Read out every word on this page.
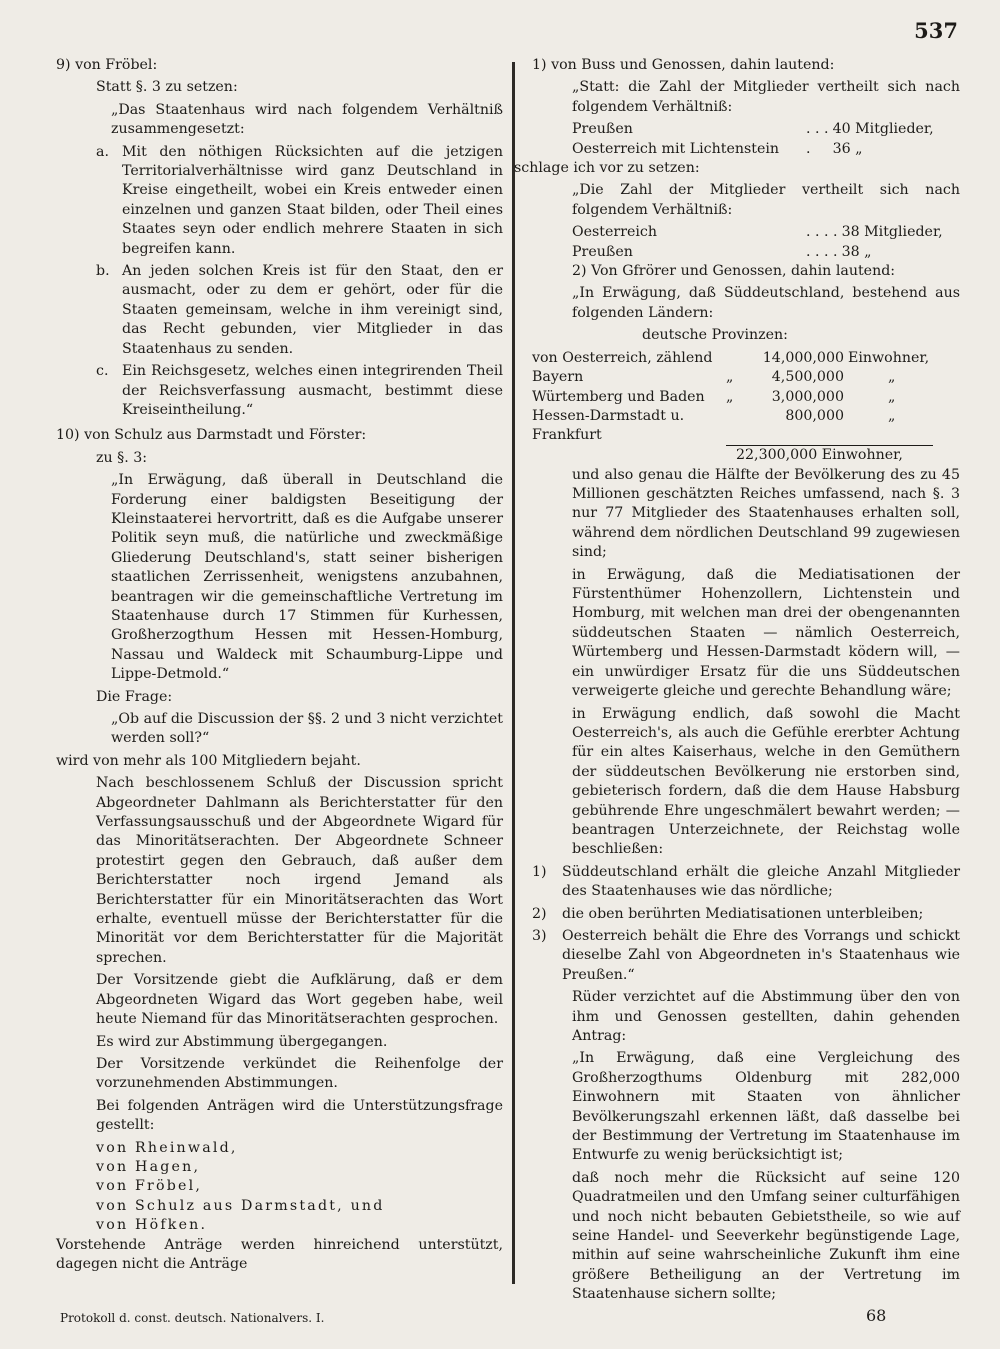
537

9) von Fröbel:

Statt §. 3 zu setzen:

„Das Staatenhaus wird nach folgendem Verhältniß zusammengesetzt:

a. Mit den nöthigen Rücksichten auf die jetzigen Territorialverhältnisse wird ganz Deutschland in Kreise eingetheilt, wobei ein Kreis entweder einen einzelnen und ganzen Staat bilden, oder Theil eines Staates seyn oder endlich mehrere Staaten in sich begreifen kann.
b. An jeden solchen Kreis ist für den Staat, den er ausmacht, oder zu dem er gehört, oder für die Staaten gemeinsam, welche in ihm vereinigt sind, das Recht gebunden, vier Mitglieder in das Staatenhaus zu senden.
c. Ein Reichsgesetz, welches einen integrirenden Theil der Reichsverfassung ausmacht, bestimmt diese Kreiseintheilung.“

10) von Schulz aus Darmstadt und Förster:

zu §. 3:

„In Erwägung, daß überall in Deutschland die Forderung einer baldigsten Beseitigung der Kleinstaaterei hervortritt, daß es die Aufgabe unserer Politik seyn muß, die natürliche und zweckmäßige Gliederung Deutschland's, statt seiner bisherigen staatlichen Zerrissenheit, wenigstens anzubahnen, beantragen wir die gemeinschaftliche Vertretung im Staatenhause durch 17 Stimmen für Kurhessen, Großherzogthum Hessen mit Hessen-Homburg, Nassau und Waldeck mit Schaumburg-Lippe und Lippe-Detmold.“

Die Frage:

„Ob auf die Discussion der §§. 2 und 3 nicht verzichtet werden soll?“

wird von mehr als 100 Mitgliedern bejaht.

Nach beschlossenem Schluß der Discussion spricht Abgeordneter Dahlmann als Berichterstatter für den Verfassungsausschuß und der Abgeordnete Wigard für das Minoritätserachten. Der Abgeordnete Schneer protestirt gegen den Gebrauch, daß außer dem Berichterstatter noch irgend Jemand als Berichterstatter für ein Minoritätserachten das Wort erhalte, eventuell müsse der Berichterstatter für die Minorität vor dem Berichterstatter für die Majorität sprechen.

Der Vorsitzende giebt die Aufklärung, daß er dem Abgeordneten Wigard das Wort gegeben habe, weil heute Niemand für das Minoritätserachten gesprochen.

Es wird zur Abstimmung übergegangen.

Der Vorsitzende verkündet die Reihenfolge der vorzunehmenden Abstimmungen.

Bei folgenden Anträgen wird die Unterstützungsfrage gestellt:

von Rheinwald,
von Hagen,
von Fröbel,
von Schulz aus Darmstadt, und
von Höfken.

Vorstehende Anträge werden hinreichend unterstützt, dagegen nicht die Anträge

1) von Buss und Genossen, dahin lautend:

„Statt: die Zahl der Mitglieder vertheilt sich nach folgendem Verhältniß:

Preußen	. . .	40 Mitglieder,
Oesterreich mit Lichtenstein	.	36 „

schlage ich vor zu setzen:

„Die Zahl der Mitglieder vertheilt sich nach folgendem Verhältniß:

Oesterreich	. . . .	38 Mitglieder,
Preußen	. . . .	38 „

2) Von Gfrörer und Genossen, dahin lautend:

„In Erwägung, daß Süddeutschland, bestehend aus folgenden Ländern:

deutsche Provinzen:

von Oesterreich, zählend		14,000,000	Einwohner,
Bayern	„	4,500,000	„
Würtemberg und Baden	„	3,000,000	„
Hessen-Darmstadt u. Frankfurt		800,000	„
	22,300,000 Einwohner,		

und also genau die Hälfte der Bevölkerung des zu 45 Millionen geschätzten Reiches umfassend, nach §. 3 nur 77 Mitglieder des Staatenhauses erhalten soll, während dem nördlichen Deutschland 99 zugewiesen sind;

in Erwägung, daß die Mediatisationen der Fürstenthümer Hohenzollern, Lichtenstein und Homburg, mit welchen man drei der obengenannten süddeutschen Staaten — nämlich Oesterreich, Würtemberg und Hessen-Darmstadt ködern will, — ein unwürdiger Ersatz für die uns Süddeutschen verweigerte gleiche und gerechte Behandlung wäre;

in Erwägung endlich, daß sowohl die Macht Oesterreich's, als auch die Gefühle ererbter Achtung für ein altes Kaiserhaus, welche in den Gemüthern der süddeutschen Bevölkerung nie erstorben sind, gebieterisch fordern, daß die dem Hause Habsburg gebührende Ehre ungeschmälert bewahrt werden; — beantragen Unterzeichnete, der Reichstag wolle beschließen:

1)	Süddeutschland erhält die gleiche Anzahl Mitglieder des Staatenhauses wie das nördliche;
2)	die oben berührten Mediatisationen unterbleiben;
3)	Oesterreich behält die Ehre des Vorrangs und schickt dieselbe Zahl von Abgeordneten in's Staatenhaus wie Preußen.“

Rüder verzichtet auf die Abstimmung über den von ihm und Genossen gestellten, dahin gehenden Antrag:

„In Erwägung, daß eine Vergleichung des Großherzogthums Oldenburg mit 282,000 Einwohnern mit Staaten von ähnlicher Bevölkerungszahl erkennen läßt, daß dasselbe bei der Bestimmung der Vertretung im Staatenhause im Entwurfe zu wenig berücksichtigt ist;

daß noch mehr die Rücksicht auf seine 120 Quadratmeilen und den Umfang seiner culturfähigen und noch nicht bebauten Gebietstheile, so wie auf seine Handel- und Seeverkehr begünstigende Lage, mithin auf seine wahrscheinliche Zukunft ihm eine größere Betheiligung an der Vertretung im Staatenhause sichern sollte;

Protokoll d. const. deutsch. Nationalvers. I.	68
